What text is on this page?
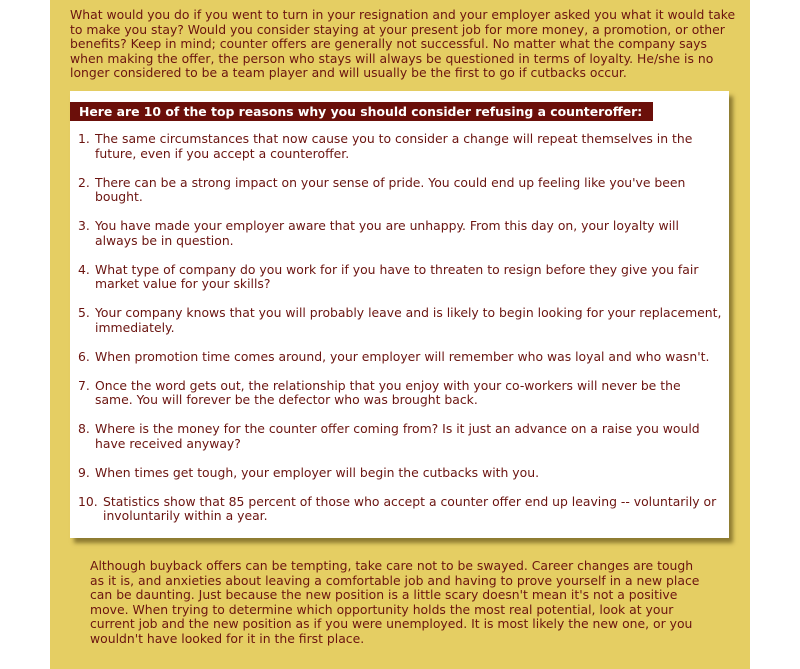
What would you do if you went to turn in your resignation and your employer asked you what it would take to make you stay? Would you consider staying at your present job for more money, a promotion, or other benefits? Keep in mind; counter offers are generally not successful. No matter what the company says when making the offer, the person who stays will always be questioned in terms of loyalty. He/she is no longer considered to be a team player and will usually be the first to go if cutbacks occur.

Here are 10 of the top reasons why you should consider refusing a counteroffer:
1. The same circumstances that now cause you to consider a change will repeat themselves in the future, even if you accept a counteroffer.
2. There can be a strong impact on your sense of pride. You could end up feeling like you've been bought.
3. You have made your employer aware that you are unhappy. From this day on, your loyalty will always be in question.
4. What type of company do you work for if you have to threaten to resign before they give you fair market value for your skills?
5. Your company knows that you will probably leave and is likely to begin looking for your replacement, immediately.
6. When promotion time comes around, your employer will remember who was loyal and who wasn't.
7. Once the word gets out, the relationship that you enjoy with your co-workers will never be the same. You will forever be the defector who was brought back.
8. Where is the money for the counter offer coming from? Is it just an advance on a raise you would have received anyway?
9. When times get tough, your employer will begin the cutbacks with you.
10. Statistics show that 85 percent of those who accept a counter offer end up leaving -- voluntarily or involuntarily within a year.

Although buyback offers can be tempting, take care not to be swayed. Career changes are tough as it is, and anxieties about leaving a comfortable job and having to prove yourself in a new place can be daunting. Just because the new position is a little scary doesn't mean it's not a positive move. When trying to determine which opportunity holds the most real potential, look at your current job and the new position as if you were unemployed. It is most likely the new one, or you wouldn't have looked for it in the first place.
